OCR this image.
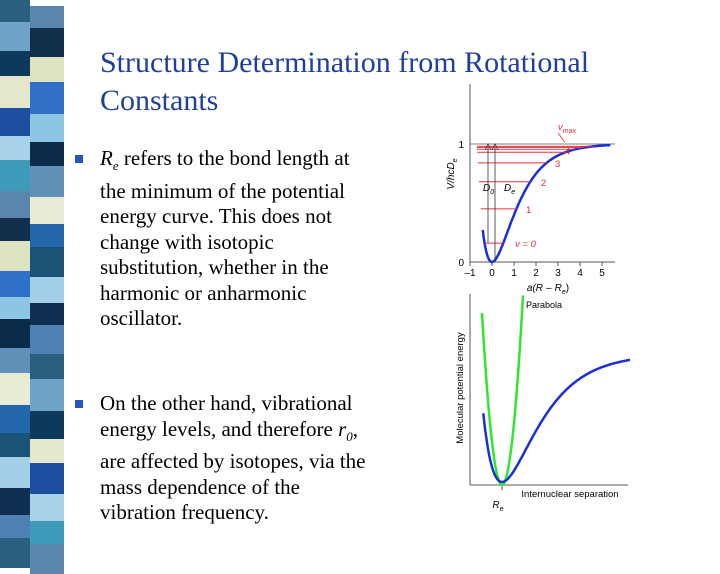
Structure Determination from Rotational
Constants
$R_e$ refers to the bond length at
the minimum of the potential
energy curve. This does not
change with isotopic
substitution, whether in the
harmonic or anharmonic
oscillator.
On the other hand, vibrational
energy levels, and therefore $r_0$,
are affected by isotopes, via the
mass dependence of the
vibration frequency.
–1 0 1 2 3 4 5
0
1
v = 0
1
2
3
4
$v_{max}$
V/hcD$_e$
$a(R - R_e)$
$D_0$ $D_e$
Molecular potential energy
Internuclear separation
$R_e$
Parabola
